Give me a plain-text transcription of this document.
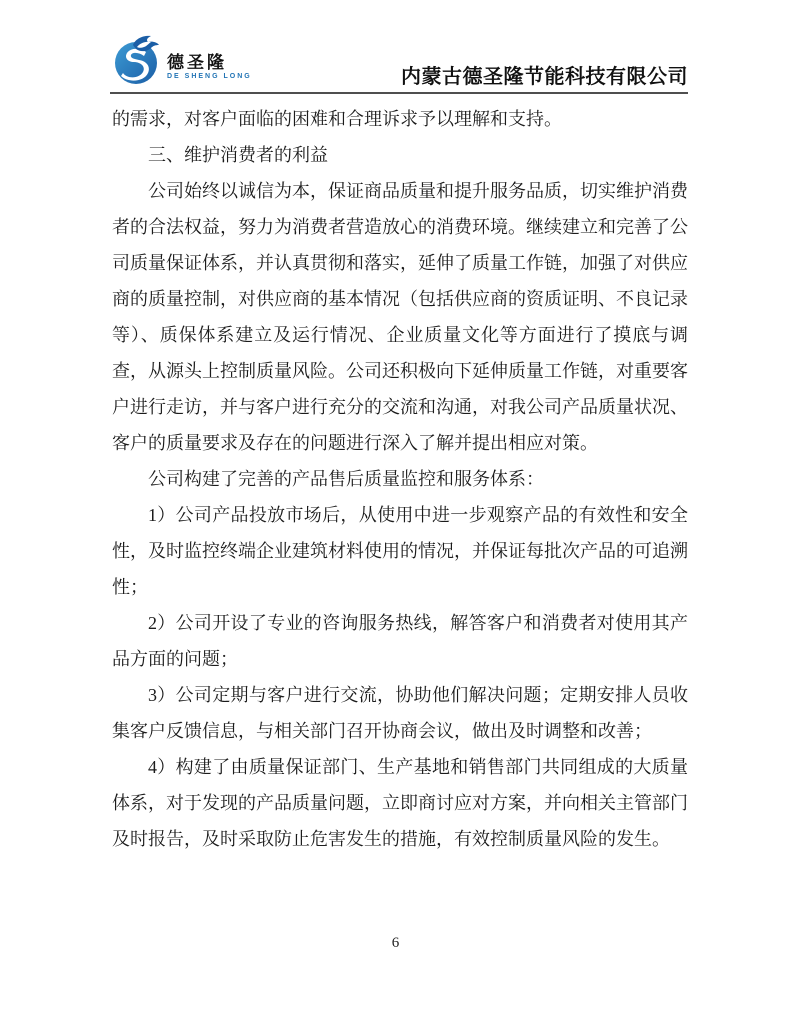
德圣隆
DE SHENG LONG	内蒙古德圣隆节能科技有限公司

的需求，对客户面临的困难和合理诉求予以理解和支持。

三、维护消费者的利益

公司始终以诚信为本，保证商品质量和提升服务品质，切实维护消费者的合法权益，努力为消费者营造放心的消费环境。继续建立和完善了公司质量保证体系，并认真贯彻和落实，延伸了质量工作链，加强了对供应商的质量控制，对供应商的基本情况（包括供应商的资质证明、不良记录等）、质保体系建立及运行情况、企业质量文化等方面进行了摸底与调查，从源头上控制质量风险。公司还积极向下延伸质量工作链，对重要客户进行走访，并与客户进行充分的交流和沟通，对我公司产品质量状况、客户的质量要求及存在的问题进行深入了解并提出相应对策。

公司构建了完善的产品售后质量监控和服务体系：

1）公司产品投放市场后，从使用中进一步观察产品的有效性和安全性，及时监控终端企业建筑材料使用的情况，并保证每批次产品的可追溯性；

2）公司开设了专业的咨询服务热线，解答客户和消费者对使用其产品方面的问题；

3）公司定期与客户进行交流，协助他们解决问题；定期安排人员收集客户反馈信息，与相关部门召开协商会议，做出及时调整和改善；

4）构建了由质量保证部门、生产基地和销售部门共同组成的大质量体系，对于发现的产品质量问题，立即商讨应对方案，并向相关主管部门及时报告，及时采取防止危害发生的措施，有效控制质量风险的发生。

6
